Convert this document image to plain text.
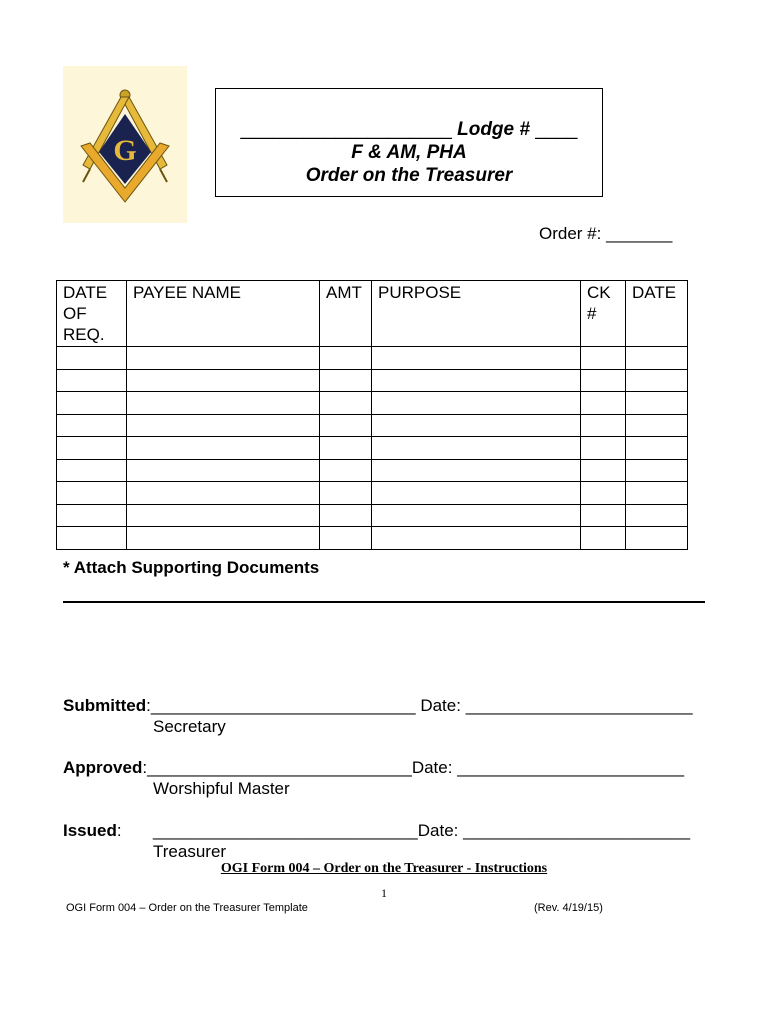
G
____________________ Lodge # ____
F & AM, PHA
Order on the Treasurer
Order #: _______
DATE OF REQ.	PAYEE NAME	AMT	PURPOSE	CK #	DATE

* Attach Supporting Documents
Submitted:____________________________ Date: ________________________
Secretary
Approved:____________________________Date: ________________________
Worshipful Master
Issued: ____________________________Date: ________________________
Treasurer
OGI Form 004 – Order on the Treasurer - Instructions
1
OGI Form 004 – Order on the Treasurer Template	(Rev. 4/19/15)
